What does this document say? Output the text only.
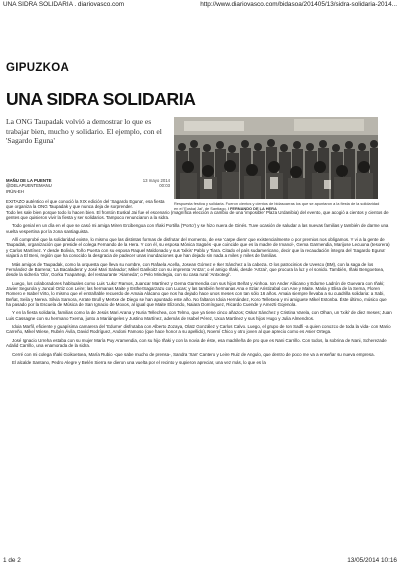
UNA SIDRA SOLIDARIA . diariovasco.com	http://www.diariovasco.com/bidasoa/201405/13/sidra-solidaria-2014...
GIPUZKOA
UNA SIDRA SOLIDARIA
La ONG Taupadak volvió a demostrar lo que es trabajar bien, mucho y solidario. El ejemplo, con el 'Sagardo Eguna'
Respuesta festiva y solidaria. Fueron cientos y cientos de bidasoarras los que se apuntaron a la fiesta de la solidaridad en el 'Euskal Jai', de Santiago. / FERNANDO DE LA HERA
MAÑU DE LA PUENTE
@DELAPUENTEMANU
IRÚN-EH
13 mayo 2014
00:03

EXITAZO auténtico el que conoció la XIX edición del 'Sagardo Eguna', esa fiesta que organiza la ONG Taupadak y que nunca deja de sorprender.

Todo les sale bien porque todo lo hacen bien. El frontón Euskal Jai fue el escenario (magnífica elección a cambio de una 'imposible' Plaza Urdanibia) del evento, que acogió a cientos y cientos de gentes que quisieron vivir la fiesta y ser solidarios. Tampoco renunciaron a la sidra.

Todo genial en un día en el que se casó mi amiga Miren Ercibengoa con Iñaki Portilla ('Porto') y se hizo nuera de Ginés. Tuve ocasión de saludar a las nuevas familias y también de darme una vuelta vespertina por la zona santiaguista.

Allí comprobé que la solidaridad existe, lo mismo que las distintas formas de disfrutar del momento, de ese 'carpe diem' que existencialmente o por premios nos obligamos. Y vi a la gente de Taupadak, organización que preside el colega Fernando de la Hera. Y con él, su esposa Mónica Sagüés -que coincide que es la madre de Imanol-, Gema Garmendia, Marijose Lecuona (tesorera) y Carlos Martínez. Y desde Bolivia, Toño Puerta con su esposa Raquel Maldonado y sus 'txikis' Pablo y Tiara. Citado el país sudamericano, decir que la recaudación íntegra del 'Sagardo Eguna' viajará a El Beni, región que ha conocido la desgracia de padecer unas inundaciones que han dejado sin nada a miles y miles de familias.

Más amigos de Taupadak, como la orquesta que lleva su nombre, con Rafaela Acella, Josean Gómez e Iker Sánchez a la cabeza. O los patrocinios de Uvesco (BM), con la saga de los Fernández de Barrena; 'La Bacaladera' y José Mari Salvador; Mikel Garikoitz con su imprenta 'Antza'; o el amigo Iñaki, desde 'Artzai', que procura la luz y el sonido. También, Iñaki Bengoetxea, desde la sidrería 'Ola', Gorka Txapartegi, del restaurante 'Alameda'; o Pelo Mindegia, con su casa rural 'Antxotegi'.

Luego, los colaboradores habituales como Luis 'Luko' Ramos, Juancar Martínez y Gema Garmendia con sus hijos Beñat y Ainhoa. Ion Ander Alácano y Edurne Ladrón de Guevara con Iñaki; Javier Segurola y Juncal Ortiz con Leire; las hermanas Maite y EstherSagarzazu con Lucas; y las también hermanas Ana e Itziar Aristizabal con Ane y Maite. Maria y Elisa de la Serna, Floren Romero e Isabel Virto, lo mismo que el entrañable recuerdo de Amaia Alácano que nos ha dejado hace unos meses con tan sólo 16 años. Amaia siempre llevaba a su cuadrilla solidaria: a Xabi, Beñat, Seila y Nerea. Silvia Samora, Arrate Brull y Mertxe de Diego se han apuntado este año. No faltaron Idoia Hernández, Koro Telletxea y mi amiguete Mikel Estonba. Éste último, músico que ha pasado por la Escuela de Música de San Ignacio de Moxos, al igual que Maite Elizondo, Naiara Domínguez, Ricardo Cuende y Amezti Gojenola.

Y en la fiesta solidaria, familias como la de Jesús Mari Arana y Nuria Tellechea, con Telmo, que ya tiene cinco añazos; Oskar Sánchez y Cristina Varela, con Olhan, un 'txiki' de diez meses; Juan Luis Cassagne con su hermano Txema, junto a Mariángeles y Justino Martínez, además de Isabel Pérez, Uxoa Martínez y sus hijos Hugo y Julia Almendros.

Idoia Marfil, eficiente y guapísima camarera del 'Edurne' disfrutaba con Alberto Zozaya, Olatz González y Carlos Calvo. Luego, el grupo de Ion Sadfi -a quien conozco de toda la vida- con Mario Carreño, Mikel Wiese, Rubén Ávila, David Rodríguez, Andoni Famoso (que hace honor a su apellido), Noemí Chico y otro joven al que aprecio como es Asier Ortega.

José Ignacio Urreha estaba con su mujer María Puy Aramendia, con su hijo Iñaki y con la novia de éste, esa madrileña de pro que es Nani Carrillo. Con todos, la sobrina de Nani, Scherezade Adalid Carrillo, una enamorada de la sidra.

Cerré con mi colega Iñaki Goikoetxea, María Rubio -que sabe mucho de prensa-, Sandra 'Xan' Cantero y Leire Ruiz de Angulo, que dentro de poco me va a enseñar su nueva empresa.

El alcalde Santano, Pedro Alegre y Belén Sierra se dieron una vuelta por el recinto y supieron apreciar, una vez más, lo que es la

1 de 2	13/05/2014 10:16
